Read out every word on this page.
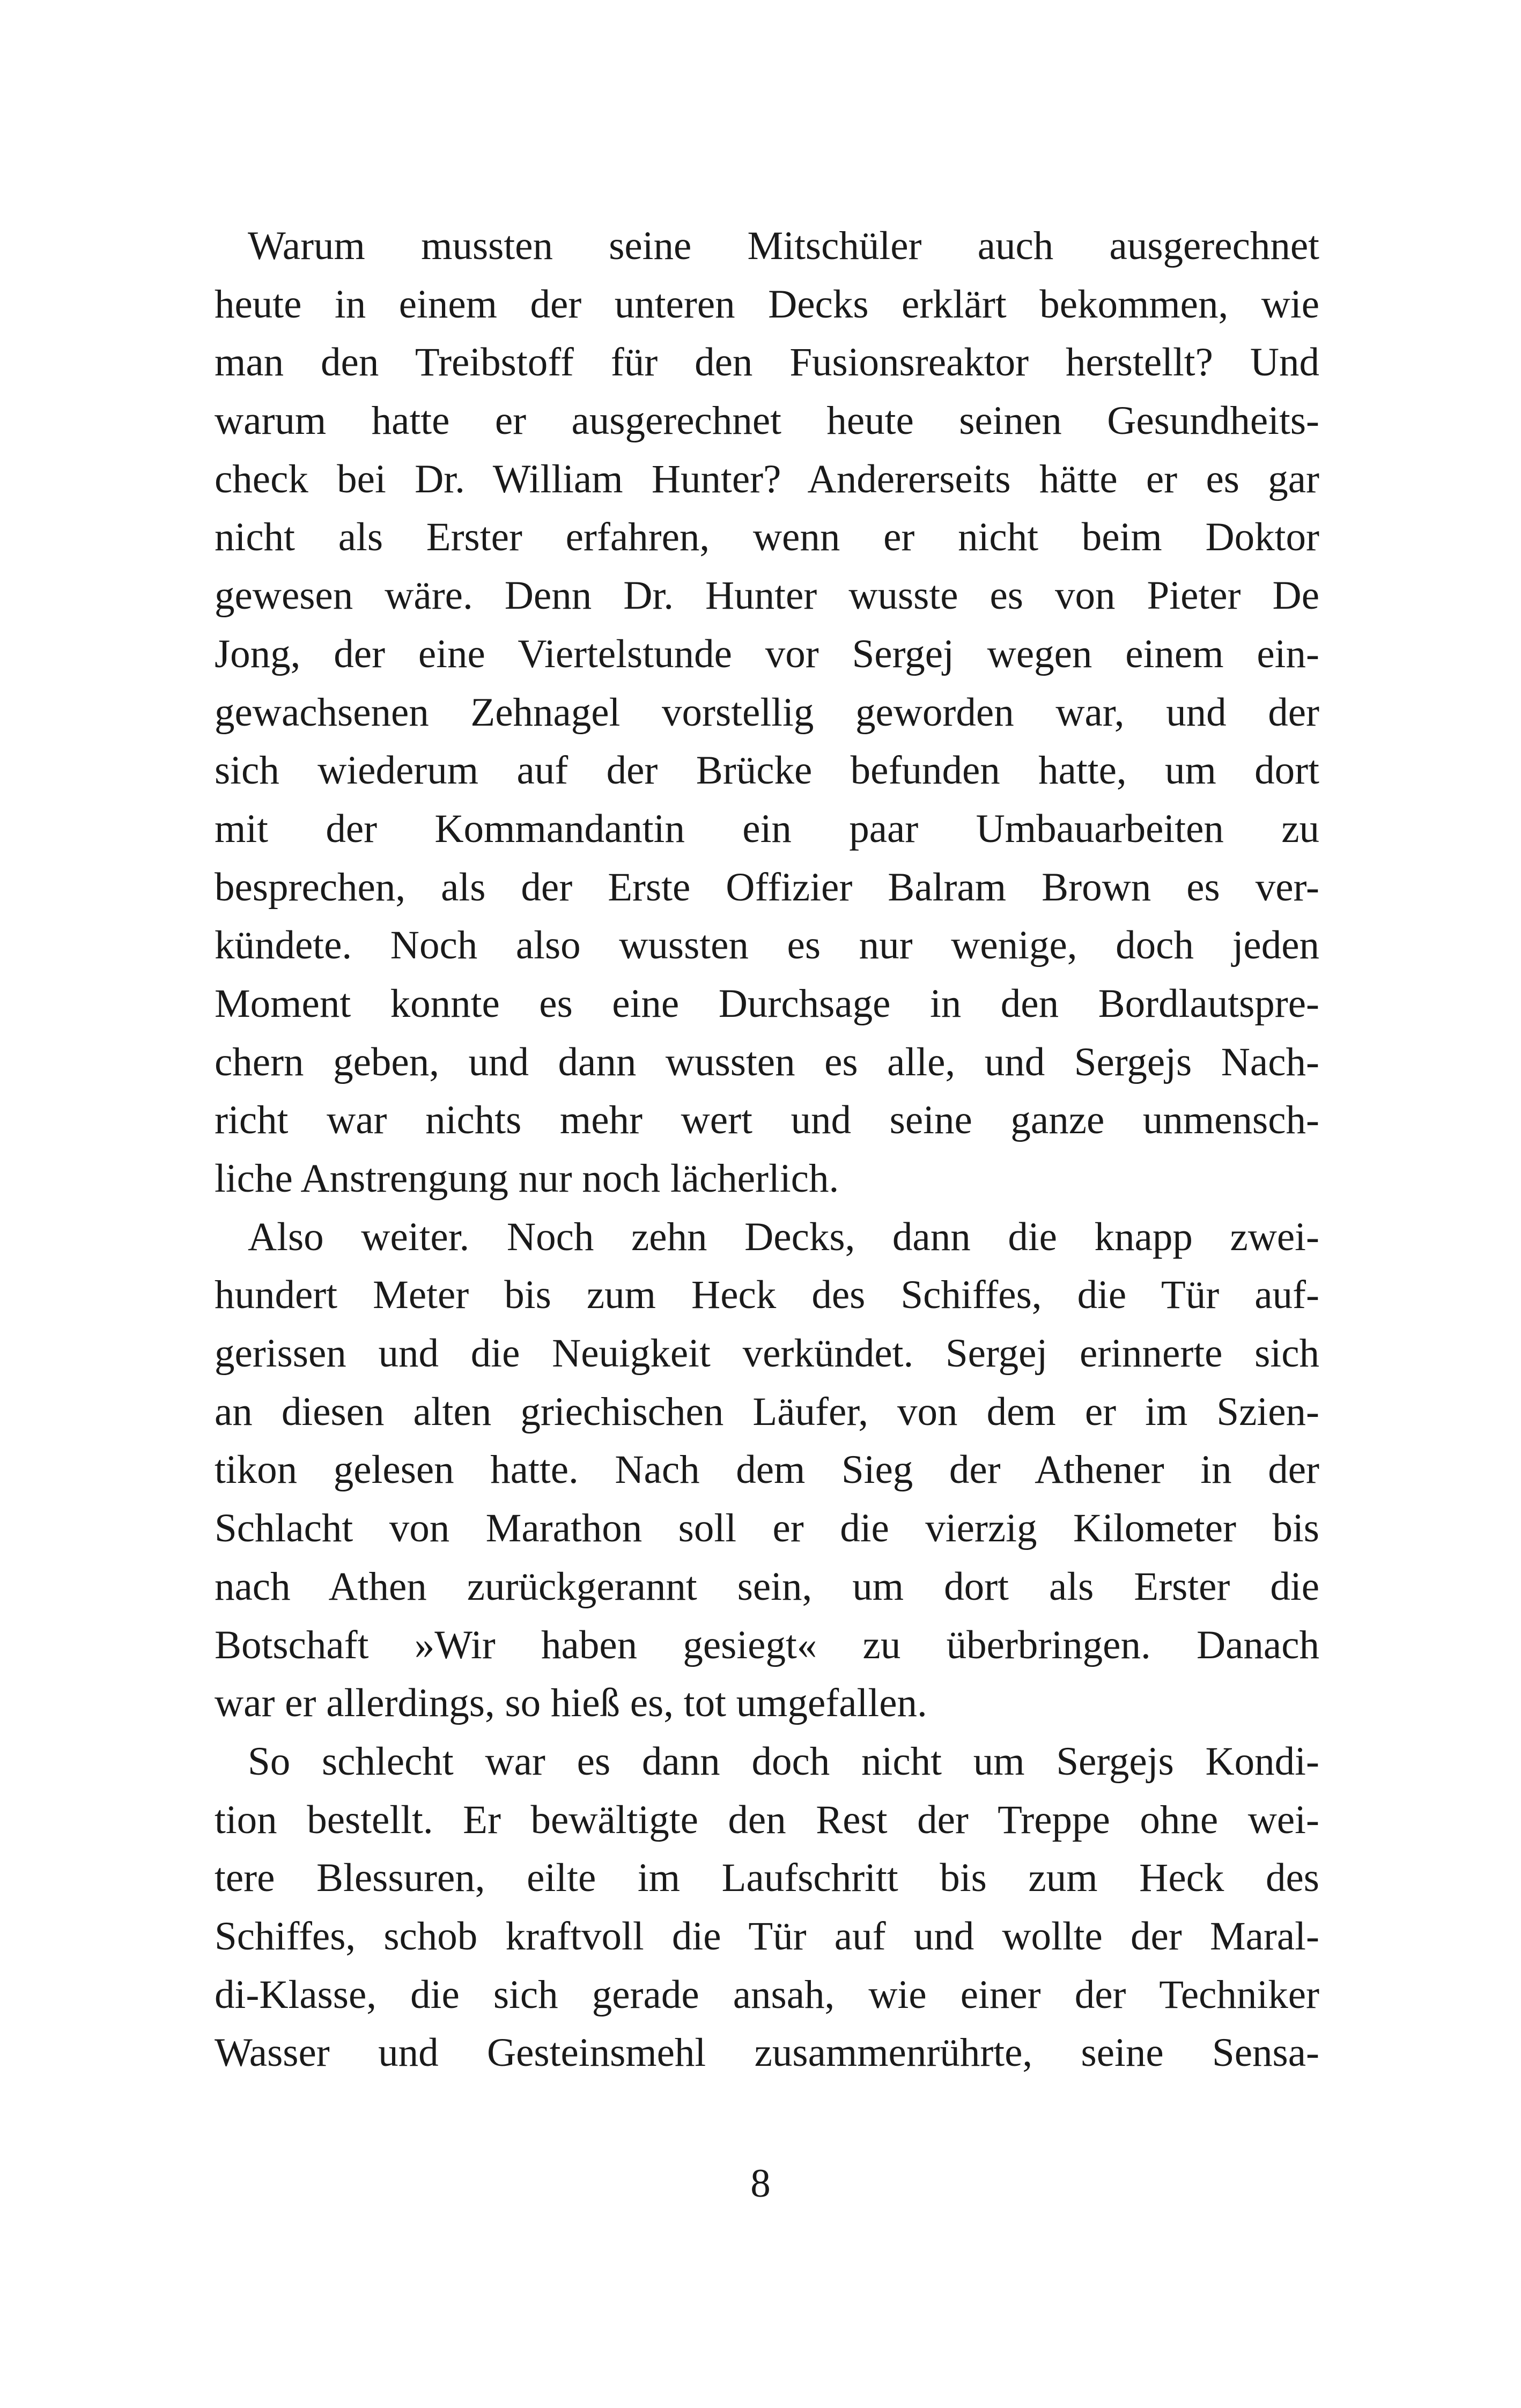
Warum mussten seine Mitschüler auch ausgerechnet
heute in einem der unteren Decks erklärt bekommen, wie
man den Treibstoff für den Fusionsreaktor herstellt? Und
warum hatte er ausgerechnet heute seinen Gesundheits-
check bei Dr. William Hunter? Andererseits hätte er es gar
nicht als Erster erfahren, wenn er nicht beim Doktor
gewesen wäre. Denn Dr. Hunter wusste es von Pieter De
Jong, der eine Viertelstunde vor Sergej wegen einem ein-
gewachsenen Zehnagel vorstellig geworden war, und der
sich wiederum auf der Brücke befunden hatte, um dort
mit der Kommandantin ein paar Umbauarbeiten zu
besprechen, als der Erste Offizier Balram Brown es ver-
kündete. Noch also wussten es nur wenige, doch jeden
Moment konnte es eine Durchsage in den Bordlautspre-
chern geben, und dann wussten es alle, und Sergejs Nach-
richt war nichts mehr wert und seine ganze unmensch-
liche Anstrengung nur noch lächerlich.
Also weiter. Noch zehn Decks, dann die knapp zwei-
hundert Meter bis zum Heck des Schiffes, die Tür auf-
gerissen und die Neuigkeit verkündet. Sergej erinnerte sich
an diesen alten griechischen Läufer, von dem er im Szien-
tikon gelesen hatte. Nach dem Sieg der Athener in der
Schlacht von Marathon soll er die vierzig Kilometer bis
nach Athen zurückgerannt sein, um dort als Erster die
Botschaft »Wir haben gesiegt« zu überbringen. Danach
war er allerdings, so hieß es, tot umgefallen.
So schlecht war es dann doch nicht um Sergejs Kondi-
tion bestellt. Er bewältigte den Rest der Treppe ohne wei-
tere Blessuren, eilte im Laufschritt bis zum Heck des
Schiffes, schob kraftvoll die Tür auf und wollte der Maral-
di-Klasse, die sich gerade ansah, wie einer der Techniker
Wasser und Gesteinsmehl zusammenrührte, seine Sensa-
8
